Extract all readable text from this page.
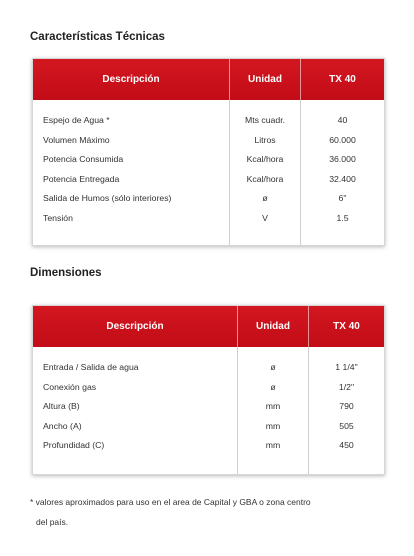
Características Técnicas
Descripción	Unidad	TX 40
Espejo de Agua *	Mts cuadr.	40
Volumen Máximo	Litros	60.000
Potencia Consumida	Kcal/hora	36.000
Potencia Entregada	Kcal/hora	32.400
Salida de Humos (sólo interiores)	ø	6"
Tensión	V	1.5
Dimensiones
Descripción	Unidad	TX 40
Entrada / Salida de agua	ø	1 1/4"
Conexión gas	ø	1/2"
Altura (B)	mm	790
Ancho (A)	mm	505
Profundidad (C)	mm	450
* valores aproximados para uso en el area de Capital y GBA o zona centro
del país.
